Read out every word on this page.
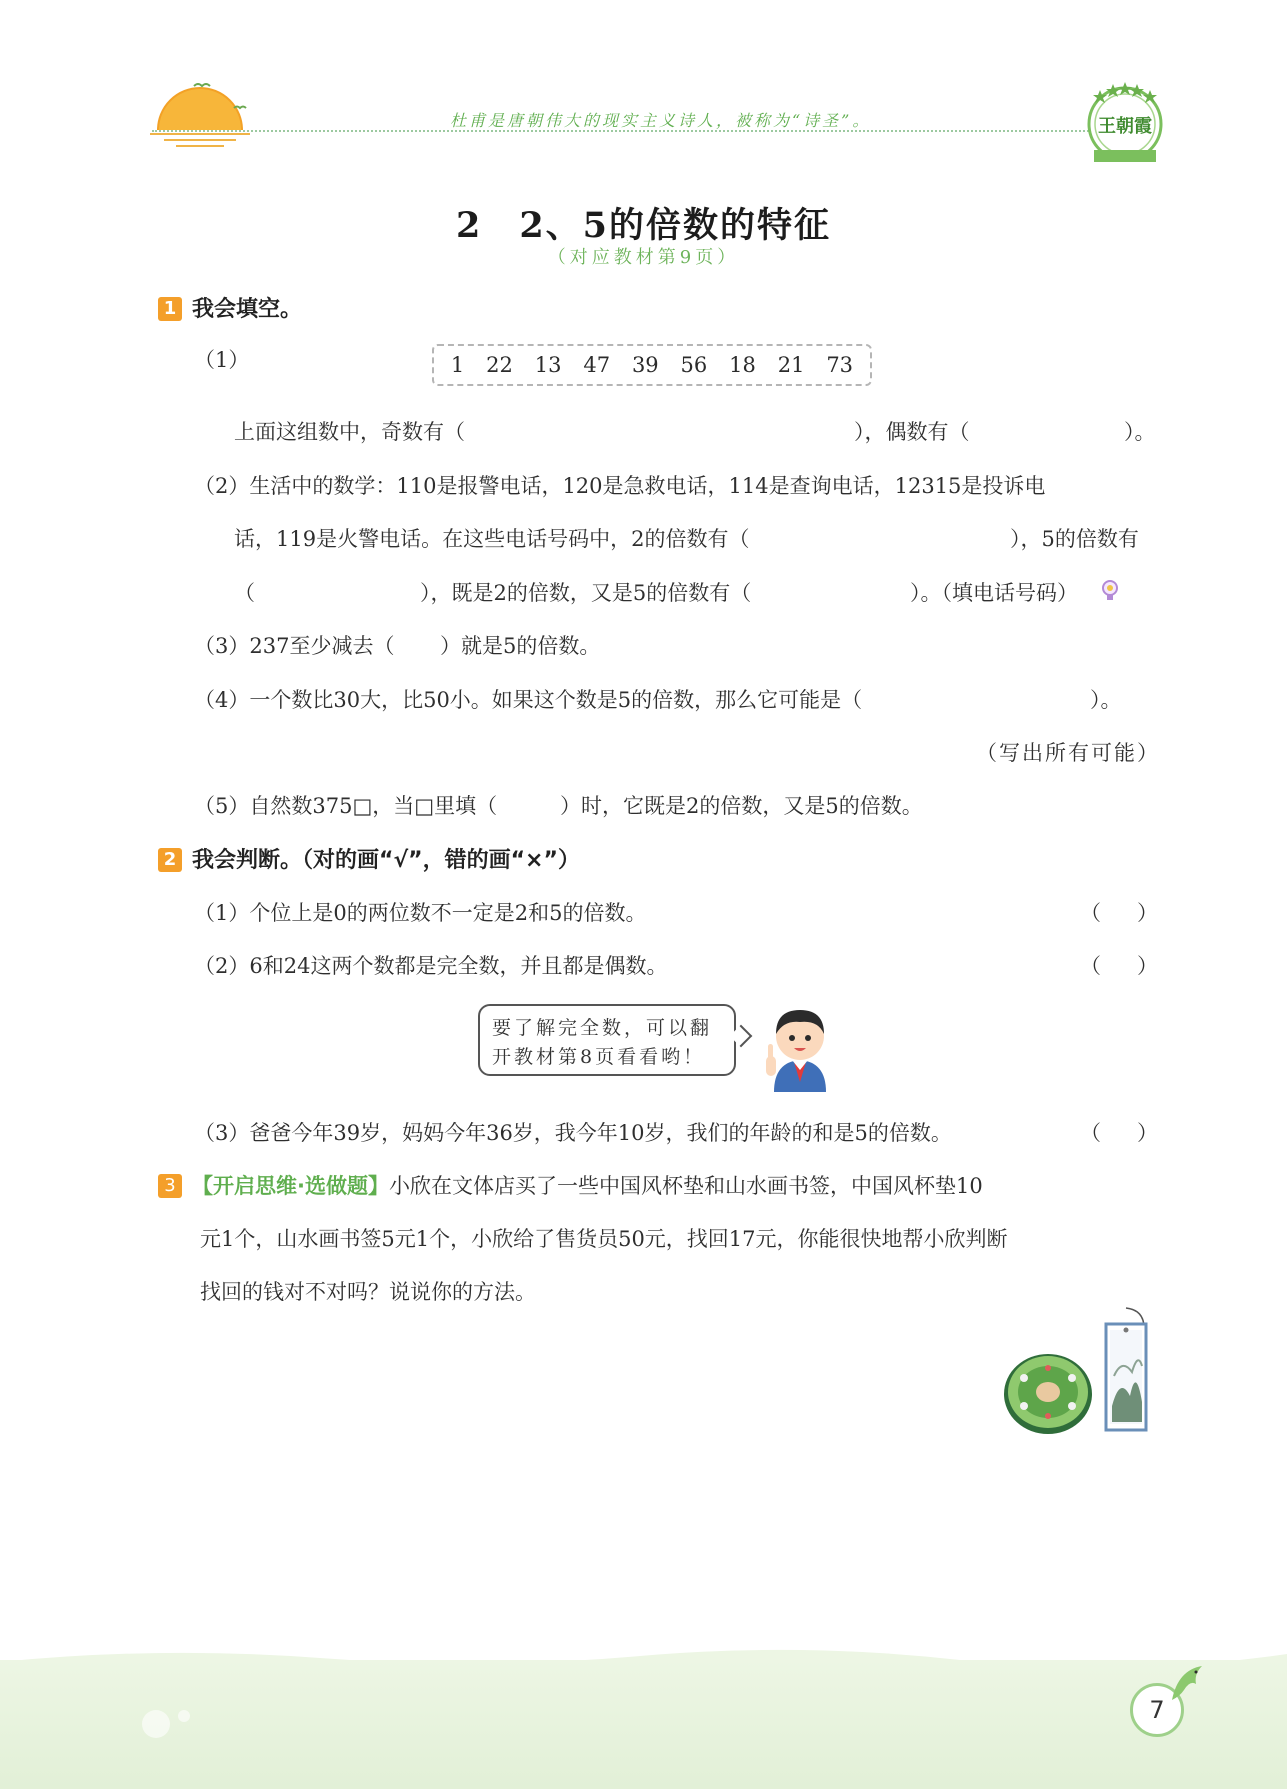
杜甫是唐朝伟大的现实主义诗人，被称为“诗圣”。	王朝霞
2　2、5的倍数的特征
（对应教材第9页）
1 我会填空。
（1）	1 22 13 47 39 56 18 21 73
上面这组数中，奇数有（	），偶数有（	）。
（2）生活中的数学：110是报警电话，120是急救电话，114是查询电话，12315是投诉电
话，119是火警电话。在这些电话号码中，2的倍数有（	），5的倍数有
（	），既是2的倍数，又是5的倍数有（	）。（填电话号码）
（3）237至少减去（ ）就是5的倍数。
（4）一个数比30大，比50小。如果这个数是5的倍数，那么它可能是（	）。
（写出所有可能）
（5）自然数375□，当□里填（	）时，它既是2的倍数，又是5的倍数。
2 我会判断。（对的画“√”，错的画“×”）
（1）个位上是0的两位数不一定是2和5的倍数。	（ ）
（2）6和24这两个数都是完全数，并且都是偶数。	（ ）
要了解完全数，可以翻
开教材第8页看看哟！
（3）爸爸今年39岁，妈妈今年36岁，我今年10岁，我们的年龄的和是5的倍数。	（ ）
3 【开启思维·选做题】小欣在文体店买了一些中国风杯垫和山水画书签，中国风杯垫10
元1个，山水画书签5元1个，小欣给了售货员50元，找回17元，你能很快地帮小欣判断
找回的钱对不对吗？说说你的方法。
7
